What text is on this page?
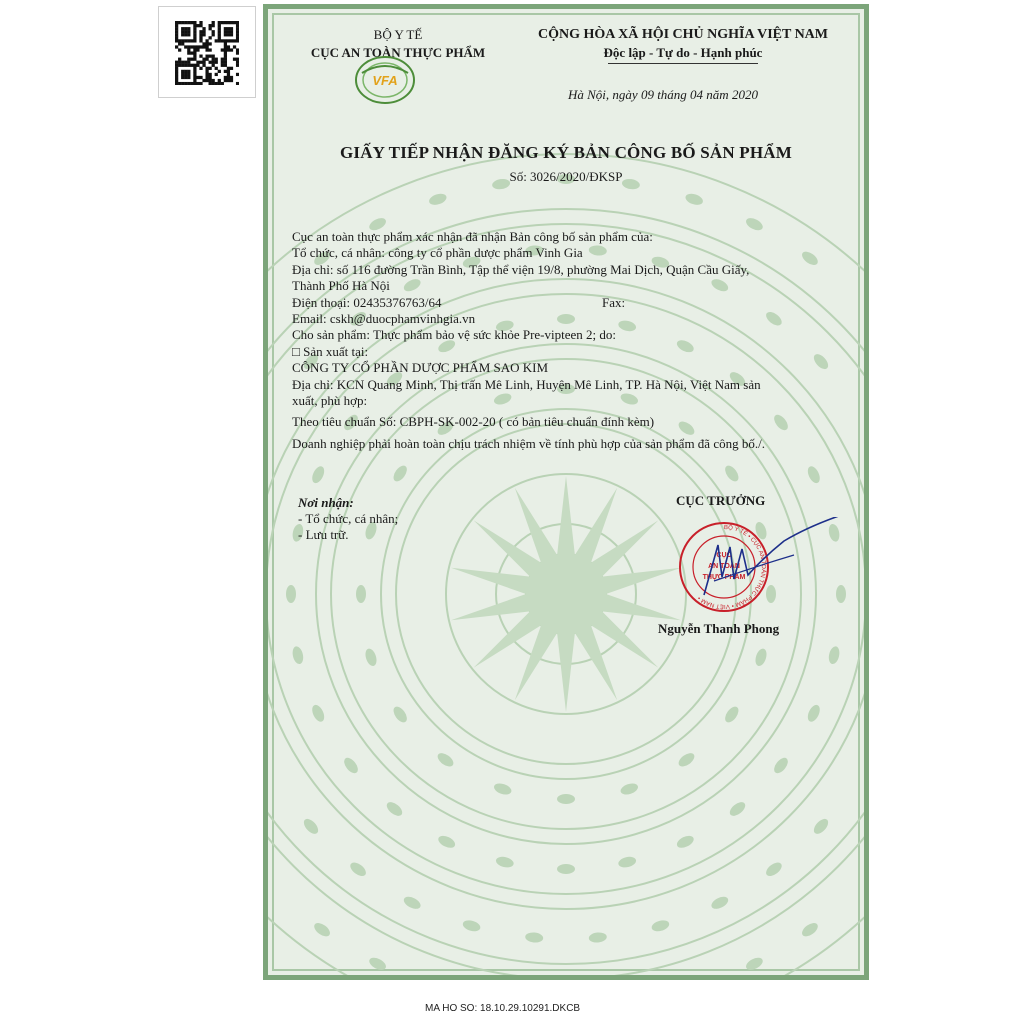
BỘ Y TẾ
CỤC AN TOÀN THỰC PHẨM
VFA
CỘNG HÒA XÃ HỘI CHỦ NGHĨA VIỆT NAM
Độc lập - Tự do - Hạnh phúc
Hà Nội, ngày 09 tháng 04 năm 2020
GIẤY TIẾP NHẬN ĐĂNG KÝ BẢN CÔNG BỐ SẢN PHẨM
Số: 3026/2020/ĐKSP
Cục an toàn thực phẩm xác nhận đã nhận Bản công bố sản phẩm của:
Tổ chức, cá nhân: công ty cổ phần dược phẩm Vinh Gia
Địa chỉ: số 116 đường Trần Bình, Tập thể viện 19/8, phường Mai Dịch, Quận Cầu Giấy,
Thành Phố Hà Nội
Điện thoại: 02435376763/64	Fax:
Email: cskh@duocphamvinhgia.vn
Cho sản phẩm: Thực phẩm bảo vệ sức khỏe Pre-vipteen 2; do:
□ Sản xuất tại:
CÔNG TY CỔ PHẦN DƯỢC PHẨM SAO KIM
Địa chỉ: KCN Quang Minh, Thị trấn Mê Linh, Huyện Mê Linh, TP. Hà Nội, Việt Nam sản
xuất, phù hợp:
Theo tiêu chuẩn Số: CBPH-SK-002-20 ( có bản tiêu chuẩn đính kèm)
Doanh nghiệp phải hoàn toàn chịu trách nhiệm về tính phù hợp của sản phẩm đã công bố./.
Nơi nhận:
- Tổ chức, cá nhân;
- Lưu trữ.
CỤC TRƯỞNG
BỘ Y TẾ • CỤC AN TOÀN THỰC PHẨM • VIỆT NAM •
CỤC
AN TOÀN
THỰC PHẨM
Nguyễn Thanh Phong
MA HO SO: 18.10.29.10291.DKCB
